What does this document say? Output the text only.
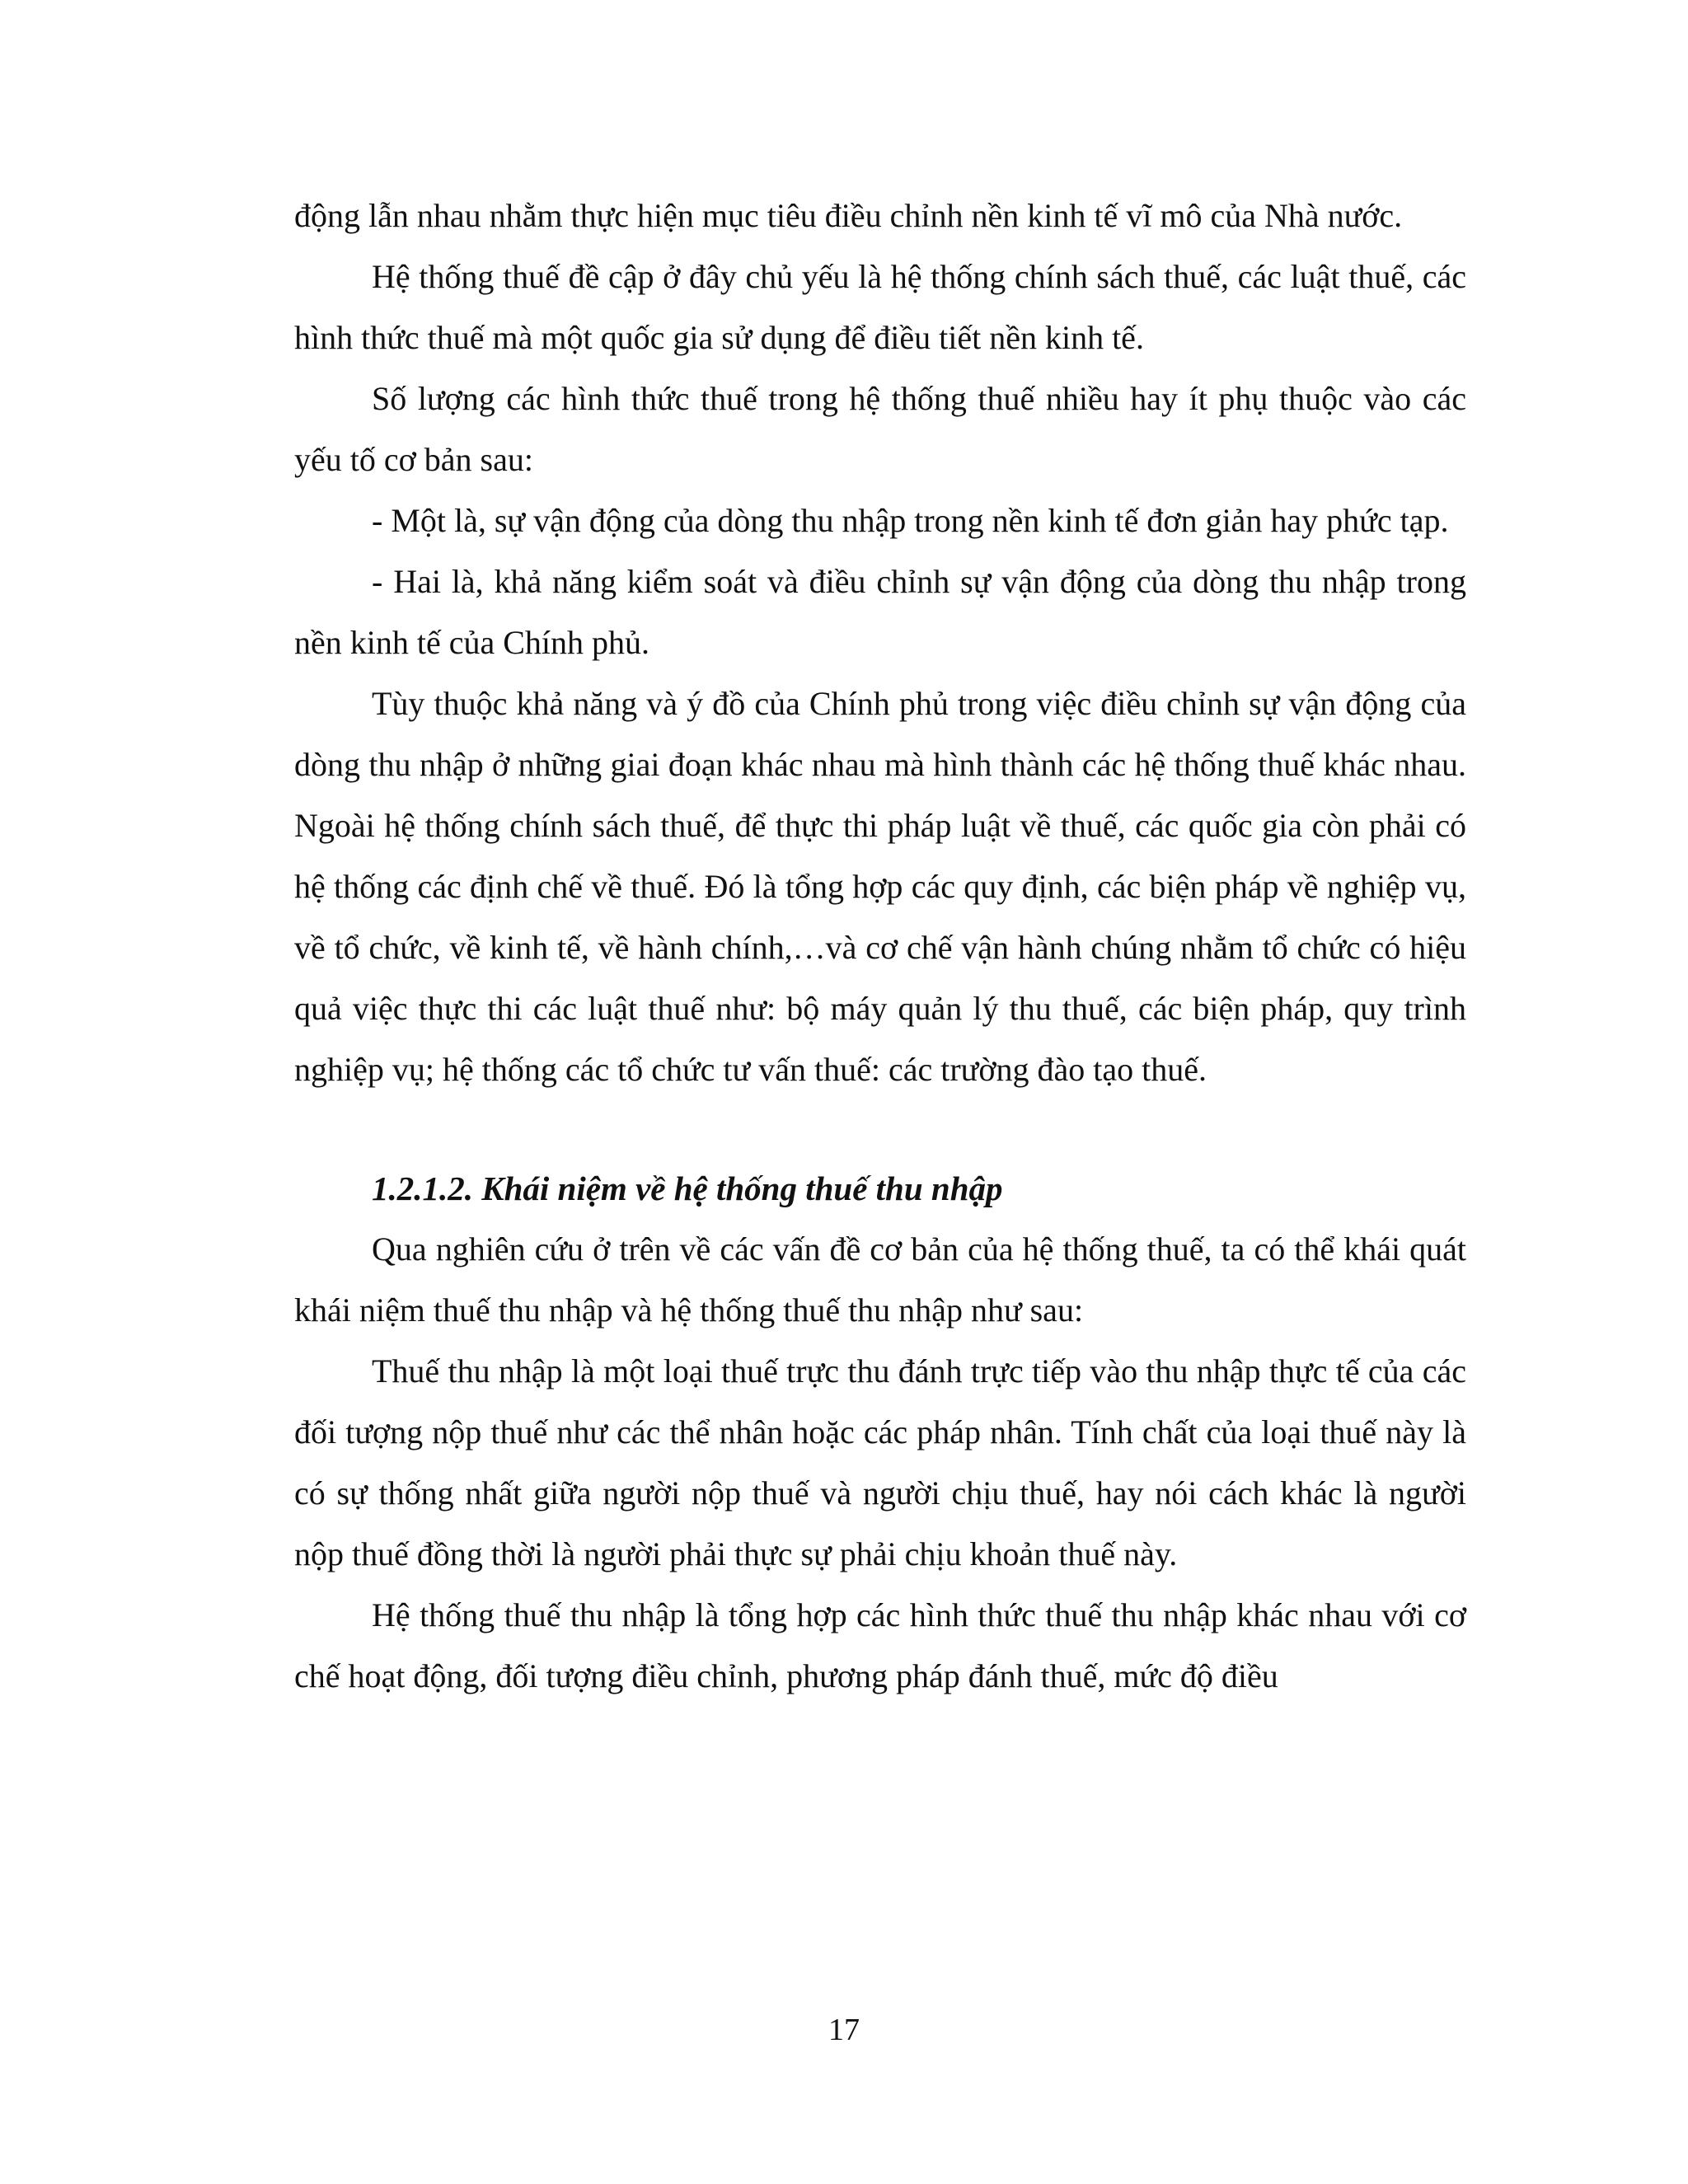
động lẫn nhau nhằm thực hiện mục tiêu điều chỉnh nền kinh tế vĩ mô của Nhà nước.

Hệ thống thuế đề cập ở đây chủ yếu là hệ thống chính sách thuế, các luật thuế, các hình thức thuế mà một quốc gia sử dụng để điều tiết nền kinh tế.

Số lượng các hình thức thuế trong hệ thống thuế nhiều hay ít phụ thuộc vào các yếu tố cơ bản sau:

- Một là, sự vận động của dòng thu nhập trong nền kinh tế đơn giản hay phức tạp.

- Hai là, khả năng kiểm soát và điều chỉnh sự vận động của dòng thu nhập trong nền kinh tế của Chính phủ.

Tùy thuộc khả năng và ý đồ của Chính phủ trong việc điều chỉnh sự vận động của dòng thu nhập ở những giai đoạn khác nhau mà hình thành các hệ thống thuế khác nhau. Ngoài hệ thống chính sách thuế, để thực thi pháp luật về thuế, các quốc gia còn phải có hệ thống các định chế về thuế. Đó là tổng hợp các quy định, các biện pháp về nghiệp vụ, về tổ chức, về kinh tế, về hành chính,…và cơ chế vận hành chúng nhằm tổ chức có hiệu quả việc thực thi các luật thuế như: bộ máy quản lý thu thuế, các biện pháp, quy trình nghiệp vụ; hệ thống các tổ chức tư vấn thuế: các trường đào tạo thuế.

1.2.1.2. Khái niệm về hệ thống thuế thu nhập

Qua nghiên cứu ở trên về các vấn đề cơ bản của hệ thống thuế, ta có thể khái quát khái niệm thuế thu nhập và hệ thống thuế thu nhập như sau:

Thuế thu nhập là một loại thuế trực thu đánh trực tiếp vào thu nhập thực tế của các đối tượng nộp thuế như các thể nhân hoặc các pháp nhân. Tính chất của loại thuế này là có sự thống nhất giữa người nộp thuế và người chịu thuế, hay nói cách khác là người nộp thuế đồng thời là người phải thực sự phải chịu khoản thuế này.

Hệ thống thuế thu nhập là tổng hợp các hình thức thuế thu nhập khác nhau với cơ chế hoạt động, đối tượng điều chỉnh, phương pháp đánh thuế, mức độ điều

17
